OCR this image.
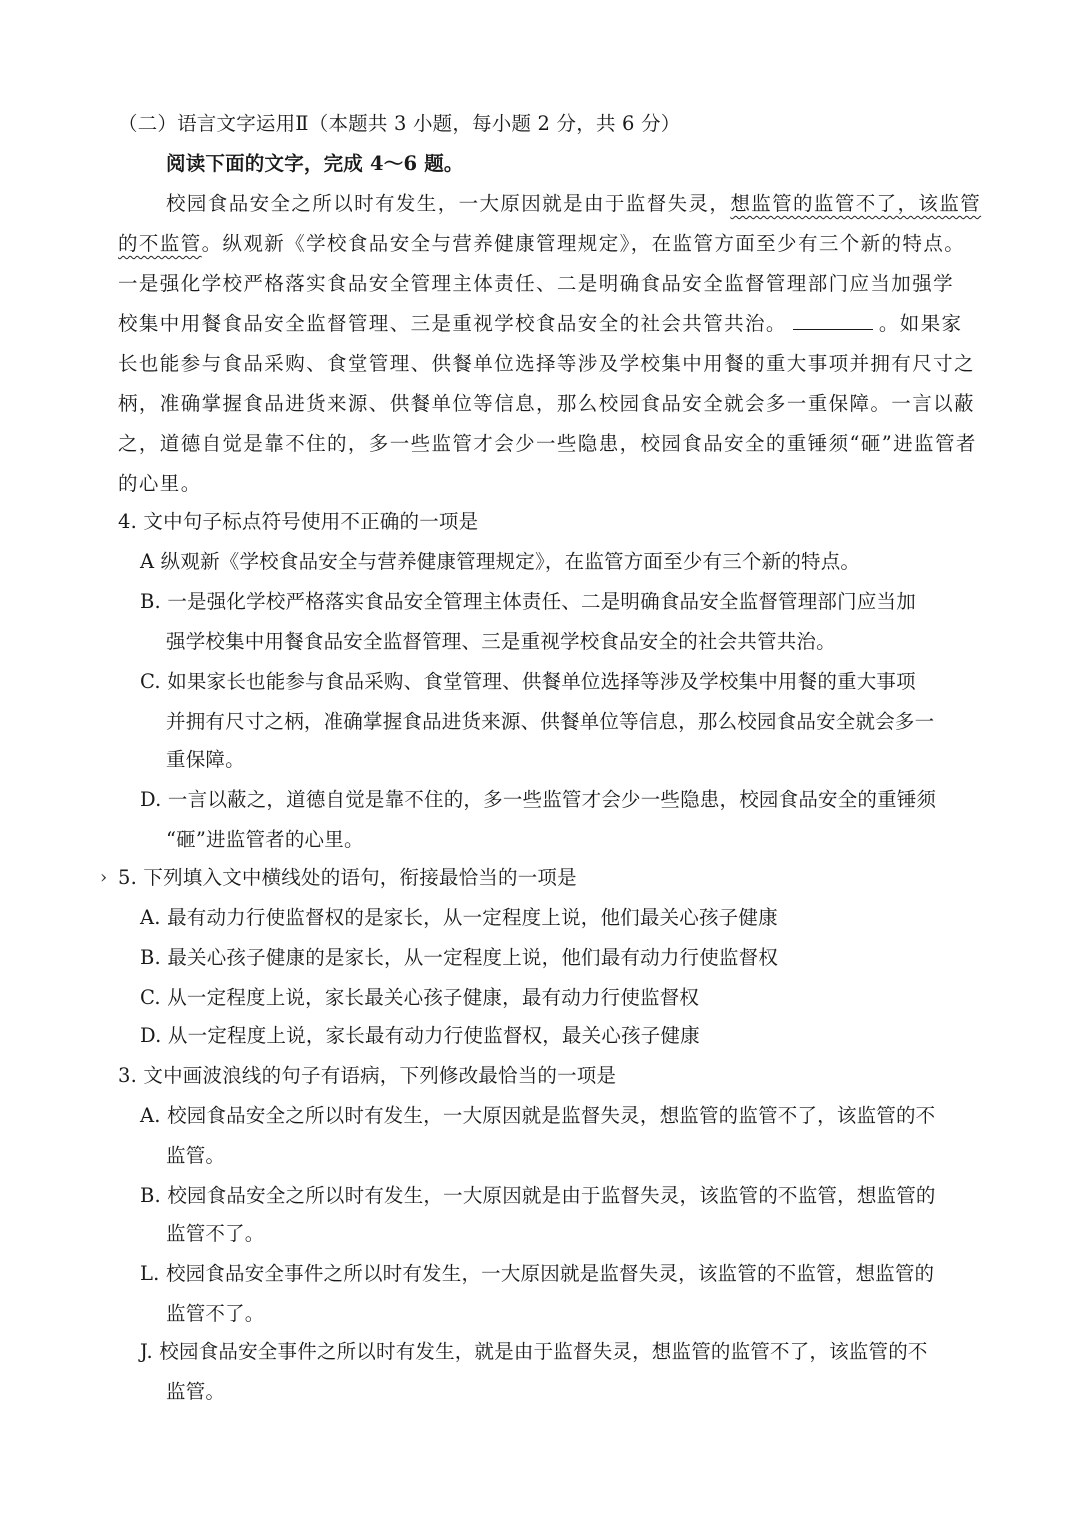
（二）语言文字运用Ⅱ（本题共 3 小题，每小题 2 分，共 6 分）
阅读下面的文字，完成 4～6 题。
校园食品安全之所以时有发生，一大原因就是由于监督失灵，想监管的监管不了，该监管
的不监管。纵观新《学校食品安全与营养健康管理规定》，在监管方面至少有三个新的特点。
一是强化学校严格落实食品安全管理主体责任、二是明确食品安全监督管理部门应当加强学
校集中用餐食品安全监督管理、三是重视学校食品安全的社会共管共治。	。如果家
长也能参与食品采购、食堂管理、供餐单位选择等涉及学校集中用餐的重大事项并拥有尺寸之
柄，准确掌握食品进货来源、供餐单位等信息，那么校园食品安全就会多一重保障。一言以蔽
之，道德自觉是靠不住的，多一些监管才会少一些隐患，校园食品安全的重锤须“砸”进监管者
的心里。
4. 文中句子标点符号使用不正确的一项是
A 纵观新《学校食品安全与营养健康管理规定》，在监管方面至少有三个新的特点。
B. 一是强化学校严格落实食品安全管理主体责任、二是明确食品安全监督管理部门应当加
强学校集中用餐食品安全监督管理、三是重视学校食品安全的社会共管共治。
C. 如果家长也能参与食品采购、食堂管理、供餐单位选择等涉及学校集中用餐的重大事项
并拥有尺寸之柄，准确掌握食品进货来源、供餐单位等信息，那么校园食品安全就会多一
重保障。
D. 一言以蔽之，道德自觉是靠不住的，多一些监管才会少一些隐患，校园食品安全的重锤须
“砸”进监管者的心里。
› 5. 下列填入文中横线处的语句，衔接最恰当的一项是
A. 最有动力行使监督权的是家长，从一定程度上说，他们最关心孩子健康
B. 最关心孩子健康的是家长，从一定程度上说，他们最有动力行使监督权
C. 从一定程度上说，家长最关心孩子健康，最有动力行使监督权
D. 从一定程度上说，家长最有动力行使监督权，最关心孩子健康
3. 文中画波浪线的句子有语病，下列修改最恰当的一项是
A. 校园食品安全之所以时有发生，一大原因就是监督失灵，想监管的监管不了，该监管的不
监管。
B. 校园食品安全之所以时有发生，一大原因就是由于监督失灵，该监管的不监管，想监管的
监管不了。
L. 校园食品安全事件之所以时有发生，一大原因就是监督失灵，该监管的不监管，想监管的
监管不了。
J. 校园食品安全事件之所以时有发生，就是由于监督失灵，想监管的监管不了，该监管的不
监管。
